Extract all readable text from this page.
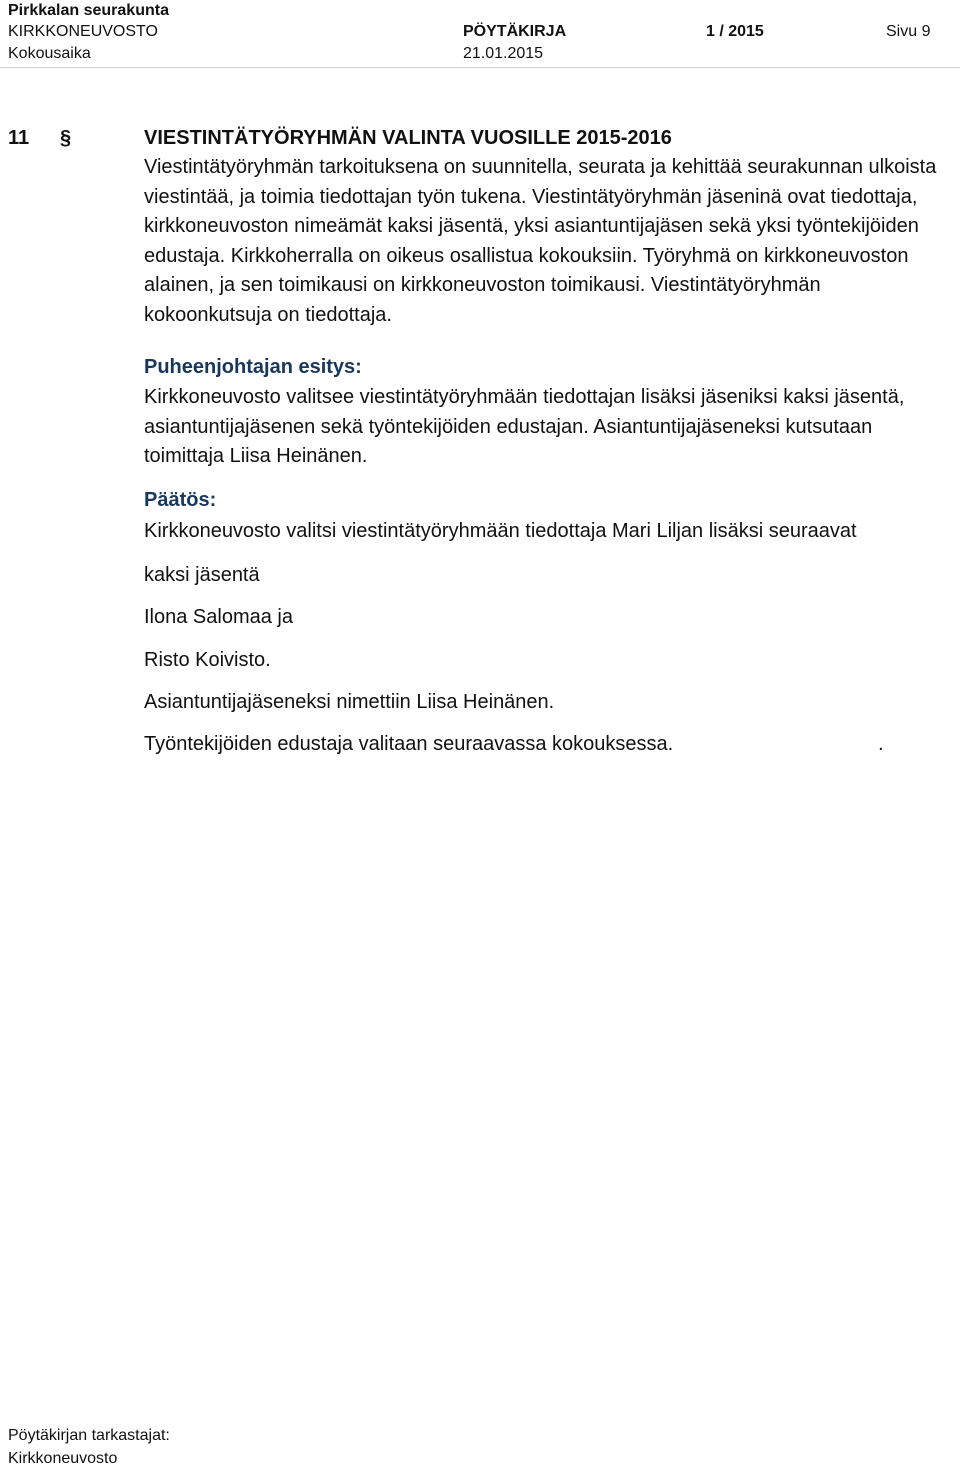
Pirkkalan seurakunta
KIRKKONEUVOSTO	PÖYTÄKIRJA	1 / 2015	Sivu 9
Kokousaika	21.01.2015
11 §	VIESTINTÄTYÖRYHMÄN VALINTA VUOSILLE 2015-2016

Viestintätyöryhmän tarkoituksena on suunnitella, seurata ja kehittää seurakunnan ulkoista viestintää, ja toimia tiedottajan työn tukena. Viestintätyöryhmän jäseninä ovat tiedottaja, kirkkoneuvoston nimeämät kaksi jäsentä, yksi asiantuntijajäsen sekä yksi työntekijöiden edustaja. Kirkkoherralla on oikeus osallistua kokouksiin. Työryhmä on kirkkoneuvoston alainen, ja sen toimikausi on kirkkoneuvoston toimikausi. Viestintätyöryhmän kokoonkutsuja on tiedottaja.

Puheenjohtajan esitys:

Kirkkoneuvosto valitsee viestintätyöryhmään tiedottajan lisäksi jäseniksi kaksi jäsentä, asiantuntijajäsenen sekä työntekijöiden edustajan. Asiantuntijajäseneksi kutsutaan toimittaja Liisa Heinänen.

Päätös:
Kirkkoneuvosto valitsi viestintätyöryhmään tiedottaja Mari Liljan lisäksi seuraavat
kaksi jäsentä
Ilona Salomaa ja
Risto Koivisto.
Asiantuntijajäseneksi nimettiin Liisa Heinänen.
Työntekijöiden edustaja valitaan seuraavassa kokouksessa.	.
Pöytäkirjan tarkastajat:
Kirkkoneuvosto
